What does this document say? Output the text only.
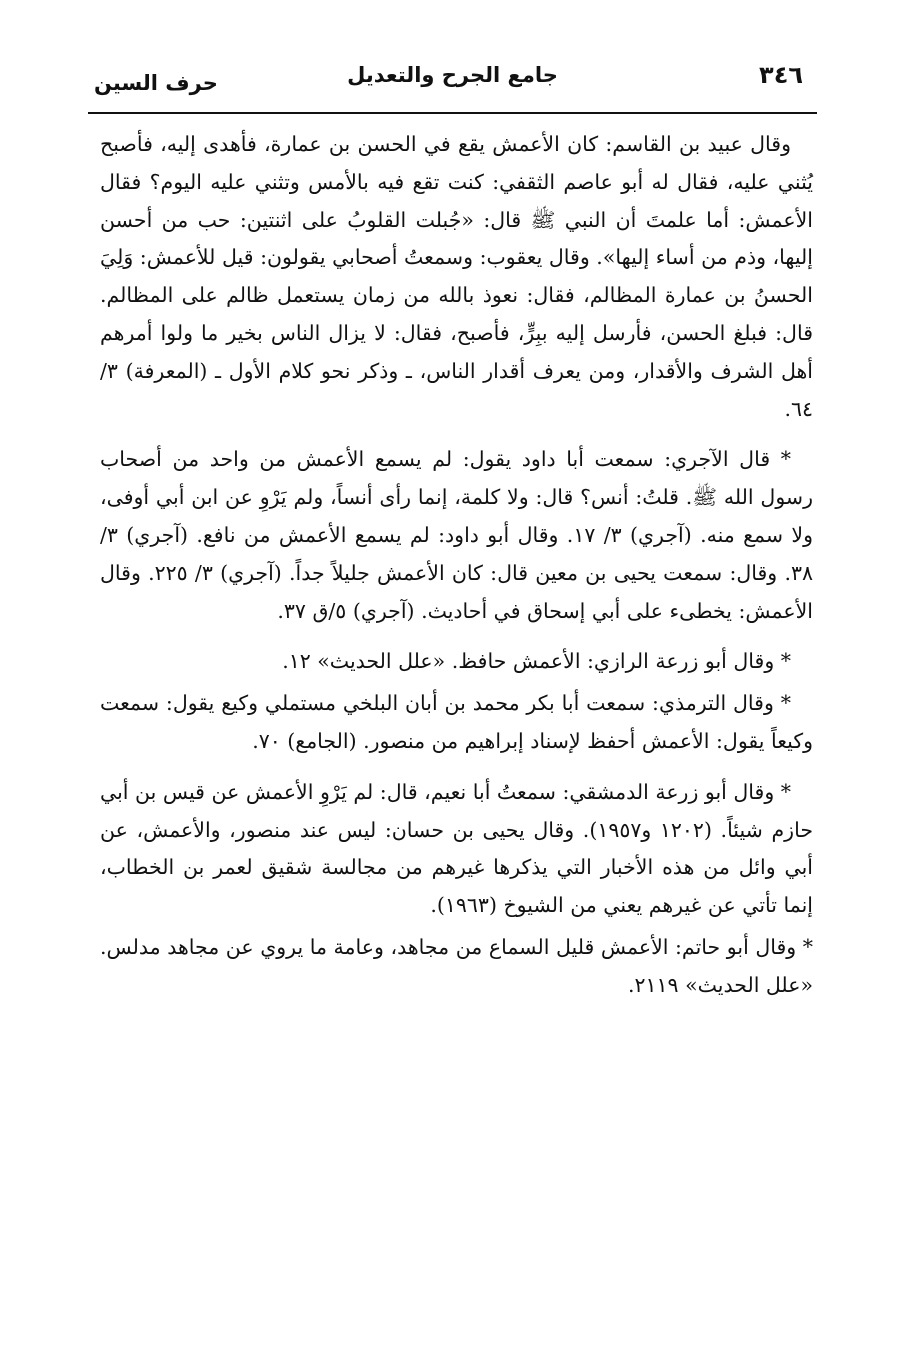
٣٤٦
جامع الجرح والتعديل
حرف السين

وقال عبيد بن القاسم: كان الأعمش يقع في الحسن بن عمارة، فأهدى إليه، فأصبح يُثني عليه، فقال له أبو عاصم الثقفي: كنت تقع فيه بالأمس وتثني عليه اليوم؟ فقال الأعمش: أما علمتَ أن النبي ﷺ قال: «جُبلت القلوبُ على اثنتين: حب من أحسن إليها، وذم من أساء إليها». وقال يعقوب: وسمعتُ أصحابي يقولون: قيل للأعمش: وَلِيَ الحسنُ بن عمارة المظالم، فقال: نعوذ بالله من زمان يستعمل ظالم على المظالم. قال: فبلغ الحسن، فأرسل إليه ببِرٍّ، فأصبح، فقال: لا يزال الناس بخير ما ولوا أمرهم أهل الشرف والأقدار، ومن يعرف أقدار الناس، ـ وذكر نحو كلام الأول ـ (المعرفة) ٣/ ٦٤.

* قال الآجري: سمعت أبا داود يقول: لم يسمع الأعمش من واحد من أصحاب رسول الله ﷺ. قلتُ: أنس؟ قال: ولا كلمة، إنما رأى أنساً، ولم يَرْوِ عن ابن أبي أوفى، ولا سمع منه. (آجري) ٣/ ١٧. وقال أبو داود: لم يسمع الأعمش من نافع. (آجري) ٣/ ٣٨. وقال: سمعت يحيى بن معين قال: كان الأعمش جليلاً جداً. (آجري) ٣/ ٢٢٥. وقال الأعمش: يخطىء على أبي إسحاق في أحاديث. (آجري) ٥/ق ٣٧.

* وقال أبو زرعة الرازي: الأعمش حافظ. «علل الحديث» ١٢.

* وقال الترمذي: سمعت أبا بكر محمد بن أبان البلخي مستملي وكيع يقول: سمعت وكيعاً يقول: الأعمش أحفظ لإسناد إبراهيم من منصور. (الجامع) ٧٠.

* وقال أبو زرعة الدمشقي: سمعتُ أبا نعيم، قال: لم يَرْوِ الأعمش عن قيس بن أبي حازم شيئاً. (١٢٠٢ و١٩٥٧). وقال يحيى بن حسان: ليس عند منصور، والأعمش، عن أبي وائل من هذه الأخبار التي يذكرها غيرهم من مجالسة شقيق لعمر بن الخطاب، إنما تأتي عن غيرهم يعني من الشيوخ (١٩٦٣).

* وقال أبو حاتم: الأعمش قليل السماع من مجاهد، وعامة ما يروي عن مجاهد مدلس. «علل الحديث» ٢١١٩.
